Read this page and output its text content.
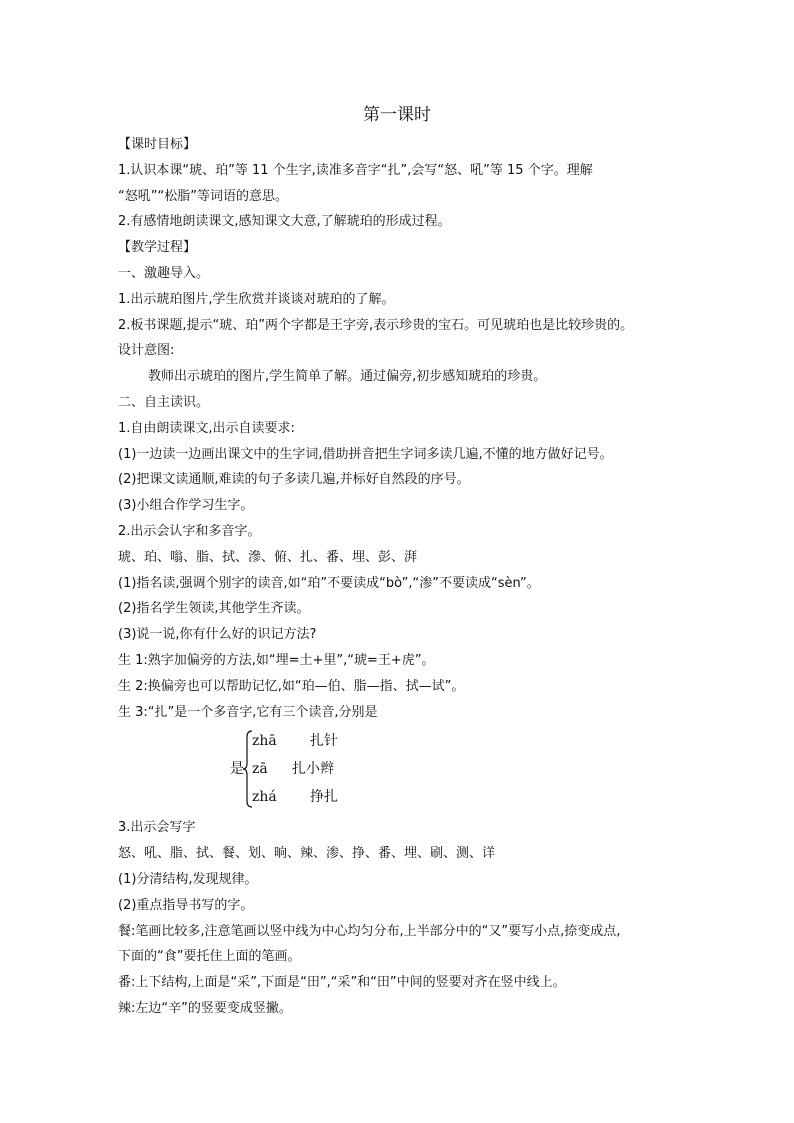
第一课时
【课时目标】
1.认识本课“琥、珀”等 11 个生字,读准多音字“扎”,会写“怒、吼”等 15 个字。理解
“怒吼”“松脂”等词语的意思。
2.有感情地朗读课文,感知课文大意,了解琥珀的形成过程。
【教学过程】
一、激趣导入。
1.出示琥珀图片,学生欣赏并谈谈对琥珀的了解。
2.板书课题,提示“琥、珀”两个字都是王字旁,表示珍贵的宝石。可见琥珀也是比较珍贵的。
设计意图:
教师出示琥珀的图片,学生简单了解。通过偏旁,初步感知琥珀的珍贵。
二、自主读识。
1.自由朗读课文,出示自读要求:
(1)一边读一边画出课文中的生字词,借助拼音把生字词多读几遍,不懂的地方做好记号。
(2)把课文读通顺,难读的句子多读几遍,并标好自然段的序号。
(3)小组合作学习生字。
2.出示会认字和多音字。
琥、珀、嗡、脂、拭、滲、俯、扎、番、埋、彭、湃
(1)指名读,强调个别字的读音,如“珀”不要读成“bò”,“渗”不要读成“sèn”。
(2)指名学生领读,其他学生齐读。
(3)说一说,你有什么好的识记方法?
生 1:熟字加偏旁的方法,如“埋=土+里”,“琥=王+虎”。
生 2:换偏旁也可以帮助记忆,如“珀—伯、脂—指、拭—试”。
生 3:“扎”是一个多音字,它有三个读音,分别是
是
zhā 扎针
zā 扎小辫
zhá 挣扎
3.出示会写字
怒、吼、脂、拭、餐、划、晌、辣、渗、挣、番、埋、刷、测、详
(1)分清结构,发现规律。
(2)重点指导书写的字。
餐:笔画比较多,注意笔画以竖中线为中心均匀分布,上半部分中的“又”要写小点,捺变成点,
下面的“食”要托住上面的笔画。
番:上下结构,上面是“采”,下面是“田”,“采”和“田”中间的竖要对齐在竖中线上。
辣:左边“辛”的竖要变成竖撇。
